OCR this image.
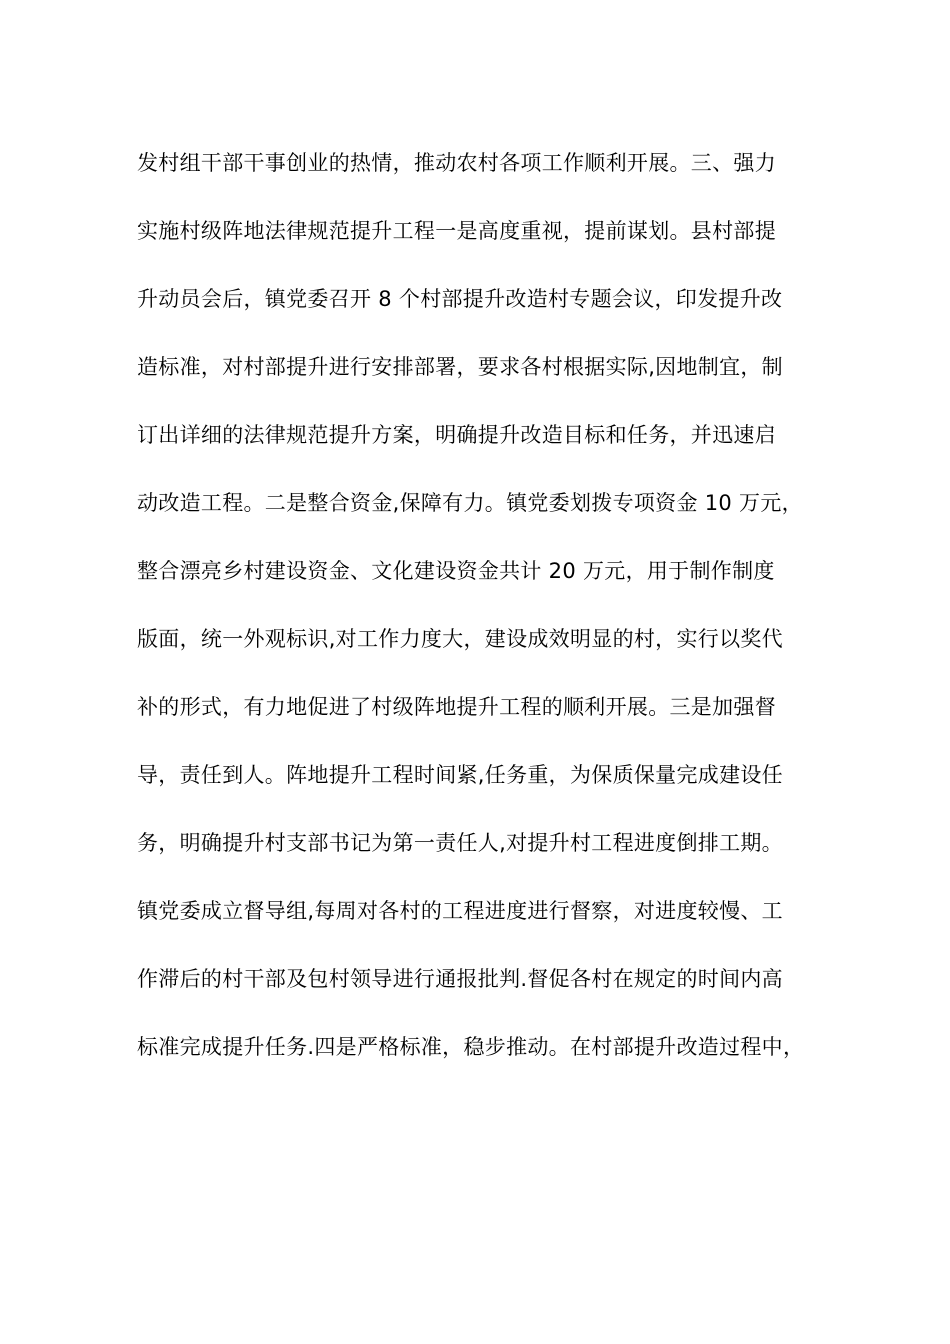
发村组干部干事创业的热情，推动农村各项工作顺利开展。三、强力
实施村级阵地法律规范提升工程一是高度重视，提前谋划。县村部提
升动员会后，镇党委召开 8 个村部提升改造村专题会议，印发提升改
造标准，对村部提升进行安排部署，要求各村根据实际,因地制宜，制
订出详细的法律规范提升方案，明确提升改造目标和任务，并迅速启
动改造工程。二是整合资金,保障有力。镇党委划拨专项资金 10 万元，
整合漂亮乡村建设资金、文化建设资金共计 20 万元，用于制作制度
版面，统一外观标识,对工作力度大，建设成效明显的村，实行以奖代
补的形式，有力地促进了村级阵地提升工程的顺利开展。三是加强督
导，责任到人。阵地提升工程时间紧,任务重，为保质保量完成建设任
务，明确提升村支部书记为第一责任人,对提升村工程进度倒排工期。
镇党委成立督导组,每周对各村的工程进度进行督察，对进度较慢、工
作滞后的村干部及包村领导进行通报批判.督促各村在规定的时间内高
标准完成提升任务.四是严格标准，稳步推动。在村部提升改造过程中，
